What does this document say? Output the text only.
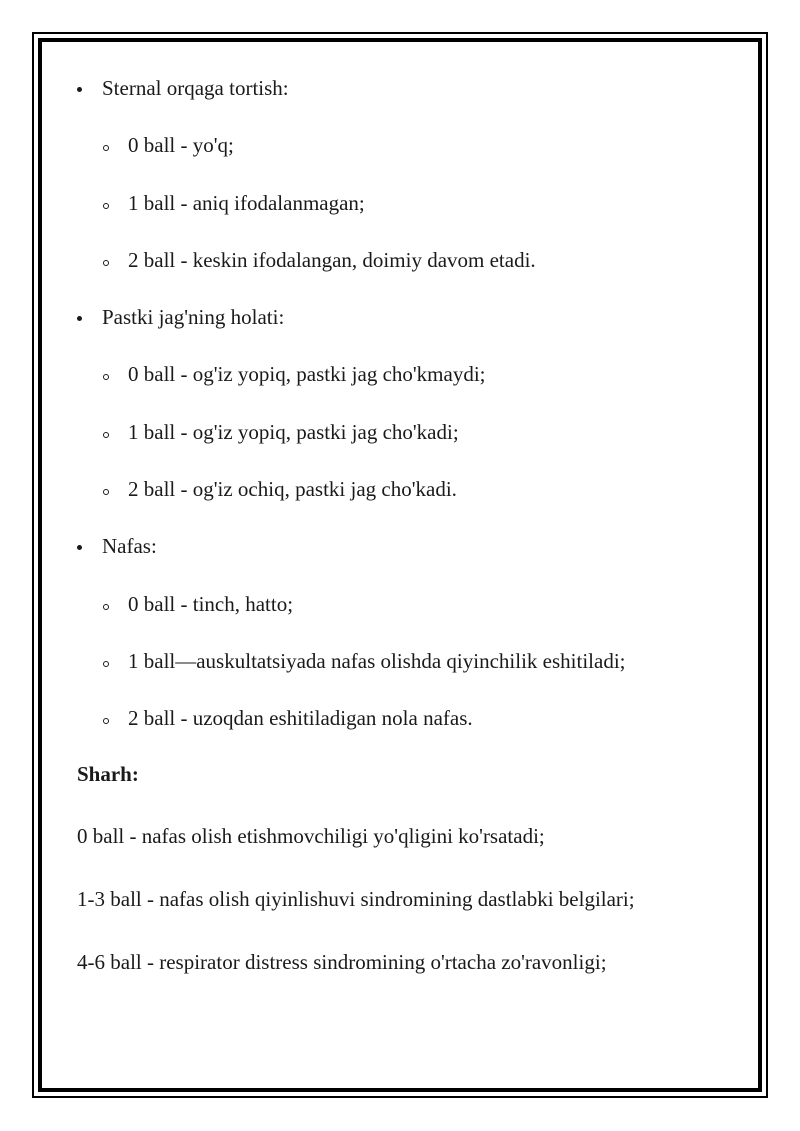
Sternal orqaga tortish:
0 ball - yo'q;
1 ball - aniq ifodalanmagan;
2 ball - keskin ifodalangan, doimiy davom etadi.
Pastki jag'ning holati:
0 ball - og'iz yopiq, pastki jag cho'kmaydi;
1 ball - og'iz yopiq, pastki jag cho'kadi;
2 ball - og'iz ochiq, pastki jag cho'kadi.
Nafas:
0 ball - tinch, hatto;
1 ball—auskultatsiyada nafas olishda qiyinchilik eshitiladi;
2 ball - uzoqdan eshitiladigan nola nafas.

Sharh:

0 ball - nafas olish etishmovchiligi yo'qligini ko'rsatadi;

1-3 ball - nafas olish qiyinlishuvi sindromining dastlabki belgilari;

4-6 ball - respirator distress sindromining o'rtacha zo'ravonligi;
